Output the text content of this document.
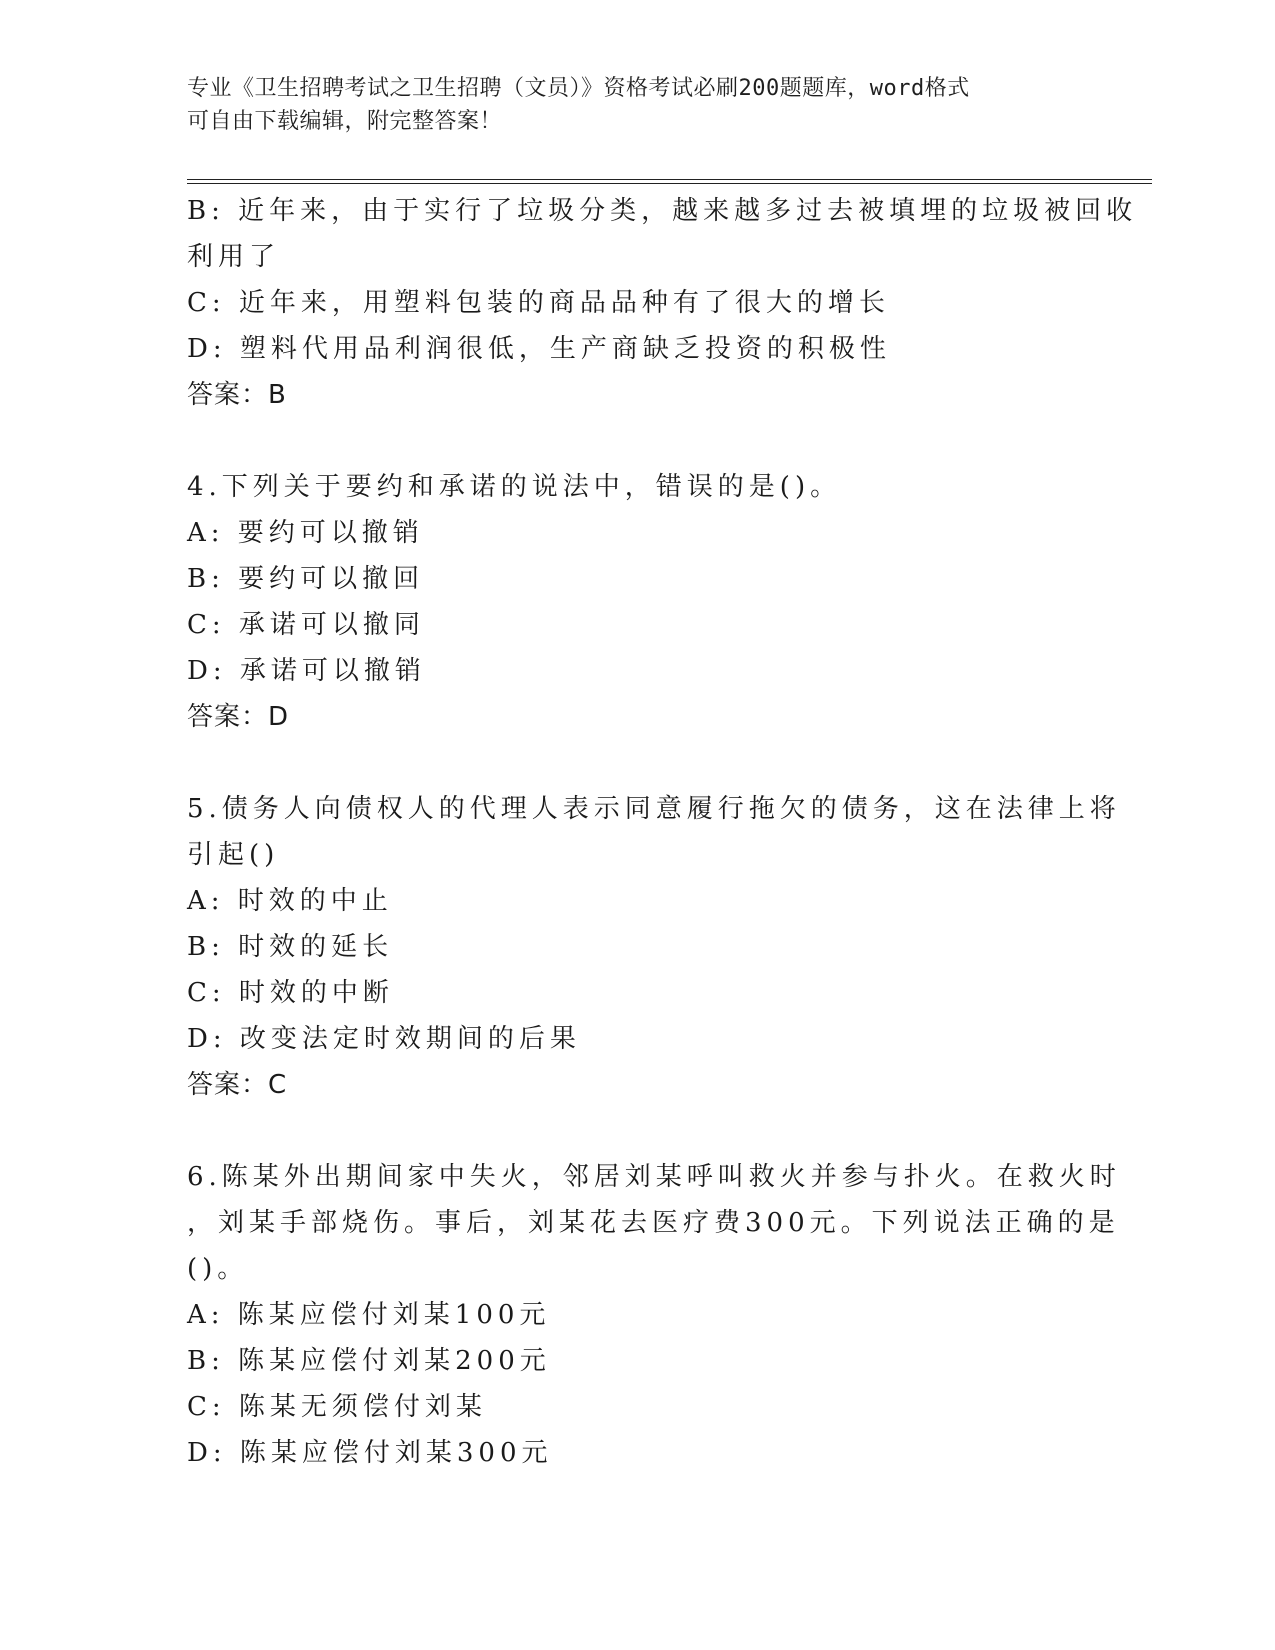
专业《卫生招聘考试之卫生招聘（文员）》资格考试必刷200题题库，word格式
可自由下载编辑，附完整答案！
B: 近年来，由于实行了垃圾分类，越来越多过去被填埋的垃圾被回收
利用了
C: 近年来，用塑料包装的商品品种有了很大的增长
D: 塑料代用品利润很低，生产商缺乏投资的积极性
答案：B
4.下列关于要约和承诺的说法中，错误的是()。
A: 要约可以撤销
B: 要约可以撤回
C: 承诺可以撤同
D: 承诺可以撤销
答案：D
5.债务人向债权人的代理人表示同意履行拖欠的债务，这在法律上将
引起()
A: 时效的中止
B: 时效的延长
C: 时效的中断
D: 改变法定时效期间的后果
答案：C
6.陈某外出期间家中失火，邻居刘某呼叫救火并参与扑火。在救火时
，刘某手部烧伤。事后，刘某花去医疗费300元。下列说法正确的是
()。
A: 陈某应偿付刘某100元
B: 陈某应偿付刘某200元
C: 陈某无须偿付刘某
D: 陈某应偿付刘某300元
